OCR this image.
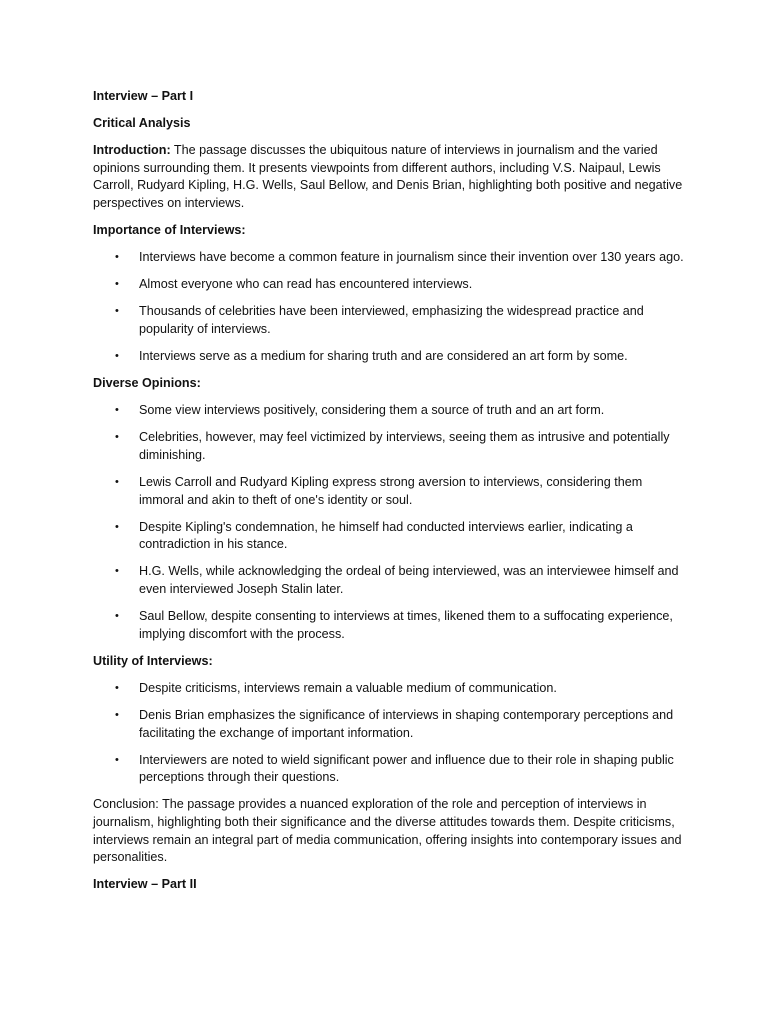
Interview – Part I

Critical Analysis

Introduction: The passage discusses the ubiquitous nature of interviews in journalism and the varied opinions surrounding them. It presents viewpoints from different authors, including V.S. Naipaul, Lewis Carroll, Rudyard Kipling, H.G. Wells, Saul Bellow, and Denis Brian, highlighting both positive and negative perspectives on interviews.

Importance of Interviews:

• Interviews have become a common feature in journalism since their invention over 130 years ago.
• Almost everyone who can read has encountered interviews.
• Thousands of celebrities have been interviewed, emphasizing the widespread practice and popularity of interviews.
• Interviews serve as a medium for sharing truth and are considered an art form by some.

Diverse Opinions:

• Some view interviews positively, considering them a source of truth and an art form.
• Celebrities, however, may feel victimized by interviews, seeing them as intrusive and potentially diminishing.
• Lewis Carroll and Rudyard Kipling express strong aversion to interviews, considering them immoral and akin to theft of one's identity or soul.
• Despite Kipling's condemnation, he himself had conducted interviews earlier, indicating a contradiction in his stance.
• H.G. Wells, while acknowledging the ordeal of being interviewed, was an interviewee himself and even interviewed Joseph Stalin later.
• Saul Bellow, despite consenting to interviews at times, likened them to a suffocating experience, implying discomfort with the process.

Utility of Interviews:

• Despite criticisms, interviews remain a valuable medium of communication.
• Denis Brian emphasizes the significance of interviews in shaping contemporary perceptions and facilitating the exchange of important information.
• Interviewers are noted to wield significant power and influence due to their role in shaping public perceptions through their questions.

Conclusion: The passage provides a nuanced exploration of the role and perception of interviews in journalism, highlighting both their significance and the diverse attitudes towards them. Despite criticisms, interviews remain an integral part of media communication, offering insights into contemporary issues and personalities.

Interview – Part II
